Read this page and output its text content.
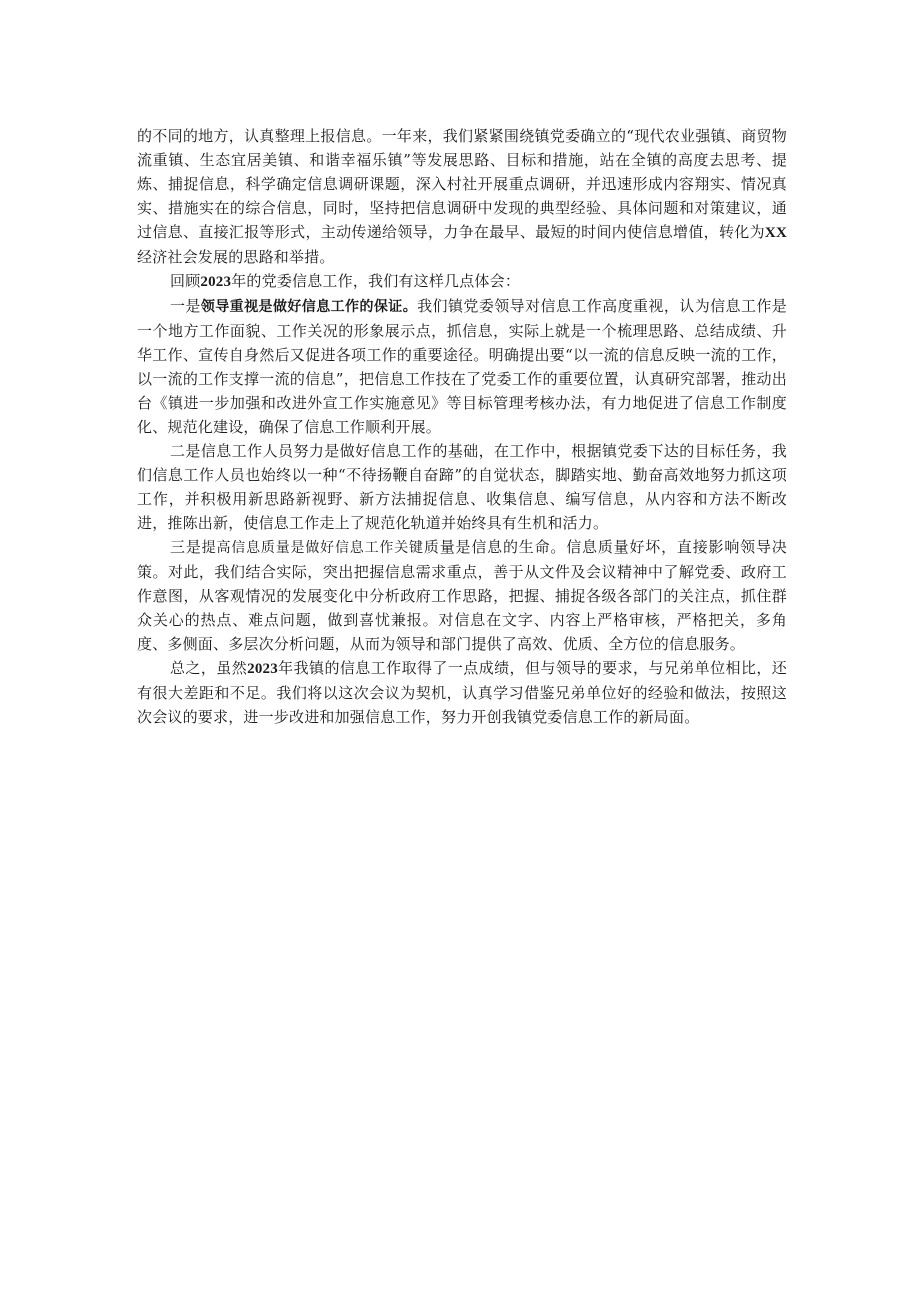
的不同的地方，认真整理上报信息。一年来，我们紧紧围绕镇党委确立的“现代农业强镇、商贸物流重镇、生态宜居美镇、和谐幸福乐镇”等发展思路、目标和措施，站在全镇的高度去思考、提炼、捕捉信息，科学确定信息调研课题，深入村社开展重点调研，并迅速形成内容翔实、情况真实、措施实在的综合信息，同时，坚持把信息调研中发现的典型经验、具体问题和对策建议，通过信息、直接汇报等形式，主动传递给领导，力争在最早、最短的时间内使信息增值，转化为XX经济社会发展的思路和举措。

回顾2023年的党委信息工作，我们有这样几点体会：

一是领导重视是做好信息工作的保证。我们镇党委领导对信息工作高度重视，认为信息工作是一个地方工作面貌、工作关况的形象展示点，抓信息，实际上就是一个梳理思路、总结成绩、升华工作、宣传自身然后又促进各项工作的重要途径。明确提出要“以一流的信息反映一流的工作，以一流的工作支撑一流的信息”，把信息工作技在了党委工作的重要位置，认真研究部署，推动出台《镇进一步加强和改进外宣工作实施意见》等目标管理考核办法，有力地促进了信息工作制度化、规范化建设，确保了信息工作顺利开展。

二是信息工作人员努力是做好信息工作的基础，在工作中，根据镇党委下达的目标任务，我们信息工作人员也始终以一种“不待扬鞭自奋蹄”的自觉状态，脚踏实地、勤奋高效地努力抓这项工作，并积极用新思路新视野、新方法捕捉信息、收集信息、编写信息，从内容和方法不断改进，推陈出新，使信息工作走上了规范化轨道并始终具有生机和活力。

三是提高信息质量是做好信息工作关键质量是信息的生命。信息质量好坏，直接影响领导决策。对此，我们结合实际，突出把握信息需求重点，善于从文件及会议精神中了解党委、政府工作意图，从客观情况的发展变化中分析政府工作思路，把握、捕捉各级各部门的关注点，抓住群众关心的热点、难点问题，做到喜忧兼报。对信息在文字、内容上严格审核，严格把关，多角度、多侧面、多层次分析问题，从而为领导和部门提供了高效、优质、全方位的信息服务。

总之，虽然2023年我镇的信息工作取得了一点成绩，但与领导的要求，与兄弟单位相比，还有很大差距和不足。我们将以这次会议为契机，认真学习借鉴兄弟单位好的经验和做法，按照这次会议的要求，进一步改进和加强信息工作，努力开创我镇党委信息工作的新局面。
